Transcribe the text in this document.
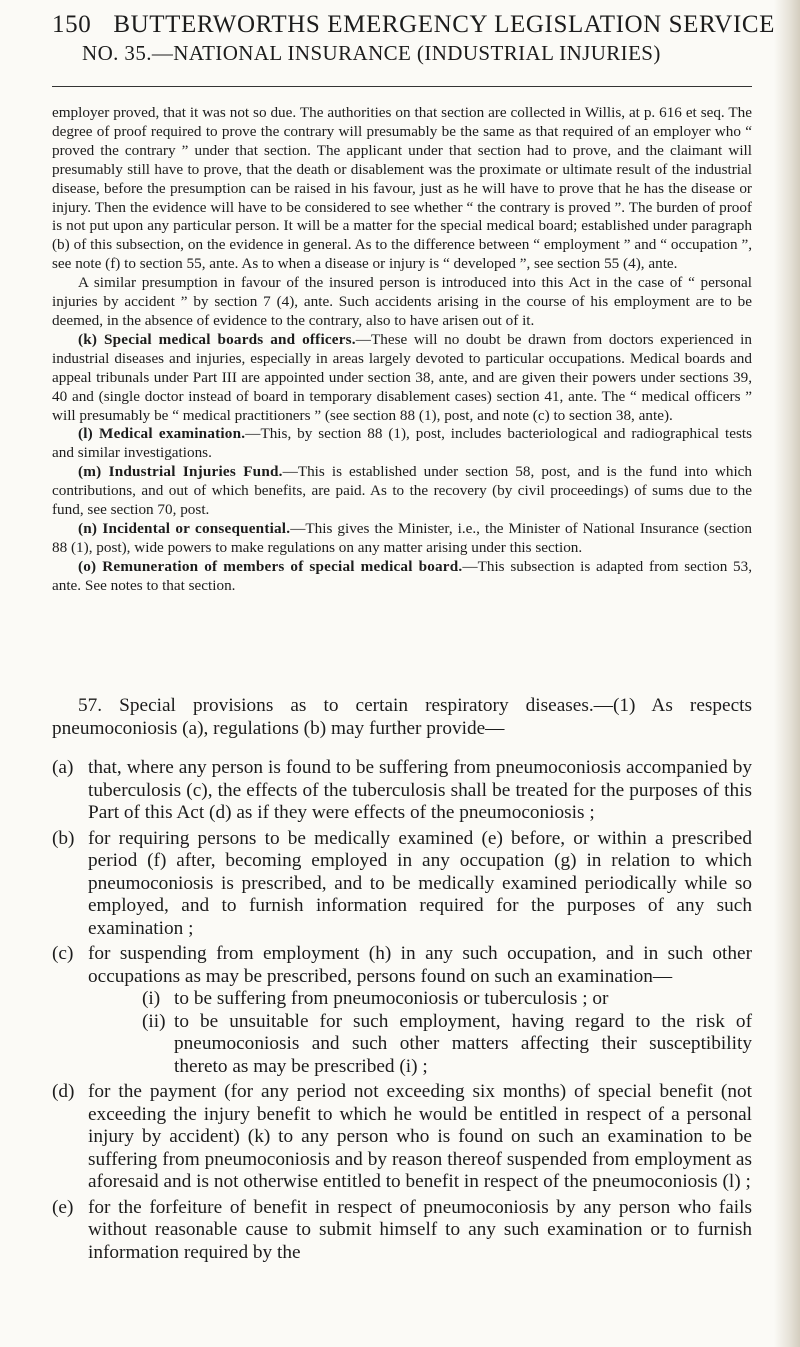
150 BUTTERWORTHS EMERGENCY LEGISLATION SERVICE
NO. 35.—NATIONAL INSURANCE (INDUSTRIAL INJURIES)

employer proved, that it was not so due. The authorities on that section are collected in Willis, at p. 616 et seq. The degree of proof required to prove the contrary will presumably be the same as that required of an employer who “ proved the contrary ” under that section. The applicant under that section had to prove, and the claimant will presumably still have to prove, that the death or disablement was the proximate or ultimate result of the industrial disease, before the presumption can be raised in his favour, just as he will have to prove that he has the disease or injury. Then the evidence will have to be considered to see whether “ the contrary is proved ”. The burden of proof is not put upon any particular person. It will be a matter for the special medical board; established under paragraph (b) of this subsection, on the evidence in general. As to the difference between “ employment ” and “ occupation ”, see note (f) to section 55, ante. As to when a disease or injury is “ developed ”, see section 55 (4), ante.

A similar presumption in favour of the insured person is introduced into this Act in the case of “ personal injuries by accident ” by section 7 (4), ante. Such accidents arising in the course of his employment are to be deemed, in the absence of evidence to the contrary, also to have arisen out of it.

(k) Special medical boards and officers.—These will no doubt be drawn from doctors experienced in industrial diseases and injuries, especially in areas largely devoted to particular occupations. Medical boards and appeal tribunals under Part III are appointed under section 38, ante, and are given their powers under sections 39, 40 and (single doctor instead of board in temporary disablement cases) section 41, ante. The “ medical officers ” will presumably be “ medical practitioners ” (see section 88 (1), post, and note (c) to section 38, ante).

(l) Medical examination.—This, by section 88 (1), post, includes bacteriological and radiographical tests and similar investigations.

(m) Industrial Injuries Fund.—This is established under section 58, post, and is the fund into which contributions, and out of which benefits, are paid. As to the recovery (by civil proceedings) of sums due to the fund, see section 70, post.

(n) Incidental or consequential.—This gives the Minister, i.e., the Minister of National Insurance (section 88 (1), post), wide powers to make regulations on any matter arising under this section.

(o) Remuneration of members of special medical board.—This subsection is adapted from section 53, ante. See notes to that section.

57. Special provisions as to certain respiratory diseases.—(1) As respects pneumoconiosis (a), regulations (b) may further provide—

(a) that, where any person is found to be suffering from pneumoconiosis accompanied by tuberculosis (c), the effects of the tuberculosis shall be treated for the purposes of this Part of this Act (d) as if they were effects of the pneumoconiosis ;
(b) for requiring persons to be medically examined (e) before, or within a prescribed period (f) after, becoming employed in any occupation (g) in relation to which pneumoconiosis is prescribed, and to be medically examined periodically while so employed, and to furnish information required for the purposes of any such examination ;
(c) for suspending from employment (h) in any such occupation, and in such other occupations as may be prescribed, persons found on such an examination—
(i) to be suffering from pneumoconiosis or tuberculosis ; or
(ii) to be unsuitable for such employment, having regard to the risk of pneumoconiosis and such other matters affecting their susceptibility thereto as may be prescribed (i) ;
(d) for the payment (for any period not exceeding six months) of special benefit (not exceeding the injury benefit to which he would be entitled in respect of a personal injury by accident) (k) to any person who is found on such an examination to be suffering from pneumoconiosis and by reason thereof suspended from employment as aforesaid and is not otherwise entitled to benefit in respect of the pneumoconiosis (l) ;
(e) for the forfeiture of benefit in respect of pneumoconiosis by any person who fails without reasonable cause to submit himself to any such examination or to furnish information required by the
